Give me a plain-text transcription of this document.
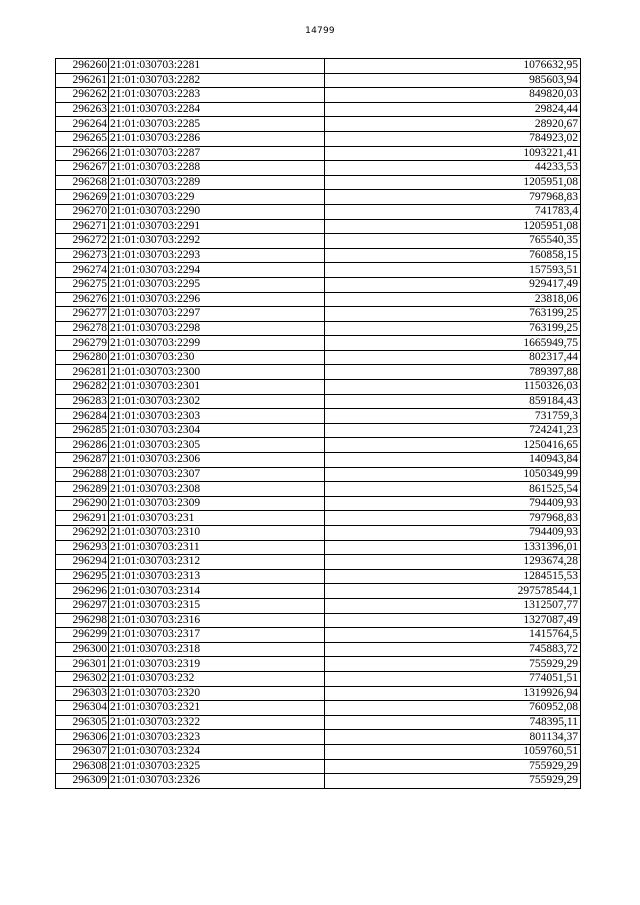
14799
296260	21:01:030703:2281	1076632,95
296261	21:01:030703:2282	985603,94
296262	21:01:030703:2283	849820,03
296263	21:01:030703:2284	29824,44
296264	21:01:030703:2285	28920,67
296265	21:01:030703:2286	784923,02
296266	21:01:030703:2287	1093221,41
296267	21:01:030703:2288	44233,53
296268	21:01:030703:2289	1205951,08
296269	21:01:030703:229	797968,83
296270	21:01:030703:2290	741783,4
296271	21:01:030703:2291	1205951,08
296272	21:01:030703:2292	765540,35
296273	21:01:030703:2293	760858,15
296274	21:01:030703:2294	157593,51
296275	21:01:030703:2295	929417,49
296276	21:01:030703:2296	23818,06
296277	21:01:030703:2297	763199,25
296278	21:01:030703:2298	763199,25
296279	21:01:030703:2299	1665949,75
296280	21:01:030703:230	802317,44
296281	21:01:030703:2300	789397,88
296282	21:01:030703:2301	1150326,03
296283	21:01:030703:2302	859184,43
296284	21:01:030703:2303	731759,3
296285	21:01:030703:2304	724241,23
296286	21:01:030703:2305	1250416,65
296287	21:01:030703:2306	140943,84
296288	21:01:030703:2307	1050349,99
296289	21:01:030703:2308	861525,54
296290	21:01:030703:2309	794409,93
296291	21:01:030703:231	797968,83
296292	21:01:030703:2310	794409,93
296293	21:01:030703:2311	1331396,01
296294	21:01:030703:2312	1293674,28
296295	21:01:030703:2313	1284515,53
296296	21:01:030703:2314	297578544,1
296297	21:01:030703:2315	1312507,77
296298	21:01:030703:2316	1327087,49
296299	21:01:030703:2317	1415764,5
296300	21:01:030703:2318	745883,72
296301	21:01:030703:2319	755929,29
296302	21:01:030703:232	774051,51
296303	21:01:030703:2320	1319926,94
296304	21:01:030703:2321	760952,08
296305	21:01:030703:2322	748395,11
296306	21:01:030703:2323	801134,37
296307	21:01:030703:2324	1059760,51
296308	21:01:030703:2325	755929,29
296309	21:01:030703:2326	755929,29
